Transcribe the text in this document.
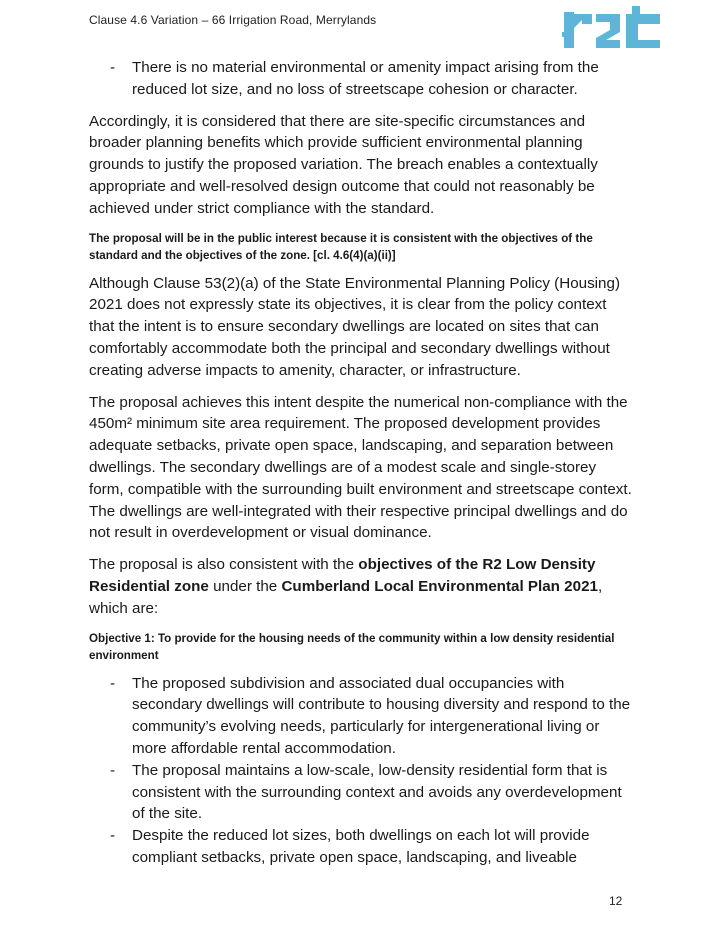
Clause 4.6 Variation – 66 Irrigation Road, Merrylands
- There is no material environmental or amenity impact arising from the reduced lot size, and no loss of streetscape cohesion or character.

Accordingly, it is considered that there are site-specific circumstances and broader planning benefits which provide sufficient environmental planning grounds to justify the proposed variation. The breach enables a contextually appropriate and well-resolved design outcome that could not reasonably be achieved under strict compliance with the standard.

The proposal will be in the public interest because it is consistent with the objectives of the standard and the objectives of the zone. [cl. 4.6(4)(a)(ii)]

Although Clause 53(2)(a) of the State Environmental Planning Policy (Housing) 2021 does not expressly state its objectives, it is clear from the policy context that the intent is to ensure secondary dwellings are located on sites that can comfortably accommodate both the principal and secondary dwellings without creating adverse impacts to amenity, character, or infrastructure.

The proposal achieves this intent despite the numerical non-compliance with the 450m² minimum site area requirement. The proposed development provides adequate setbacks, private open space, landscaping, and separation between dwellings. The secondary dwellings are of a modest scale and single-storey form, compatible with the surrounding built environment and streetscape context. The dwellings are well-integrated with their respective principal dwellings and do not result in overdevelopment or visual dominance.

The proposal is also consistent with the objectives of the R2 Low Density Residential zone under the Cumberland Local Environmental Plan 2021, which are:

Objective 1: To provide for the housing needs of the community within a low density residential environment

- The proposed subdivision and associated dual occupancies with secondary dwellings will contribute to housing diversity and respond to the community’s evolving needs, particularly for intergenerational living or more affordable rental accommodation.
- The proposal maintains a low-scale, low-density residential form that is consistent with the surrounding context and avoids any overdevelopment of the site.
- Despite the reduced lot sizes, both dwellings on each lot will provide compliant setbacks, private open space, landscaping, and liveable
12
